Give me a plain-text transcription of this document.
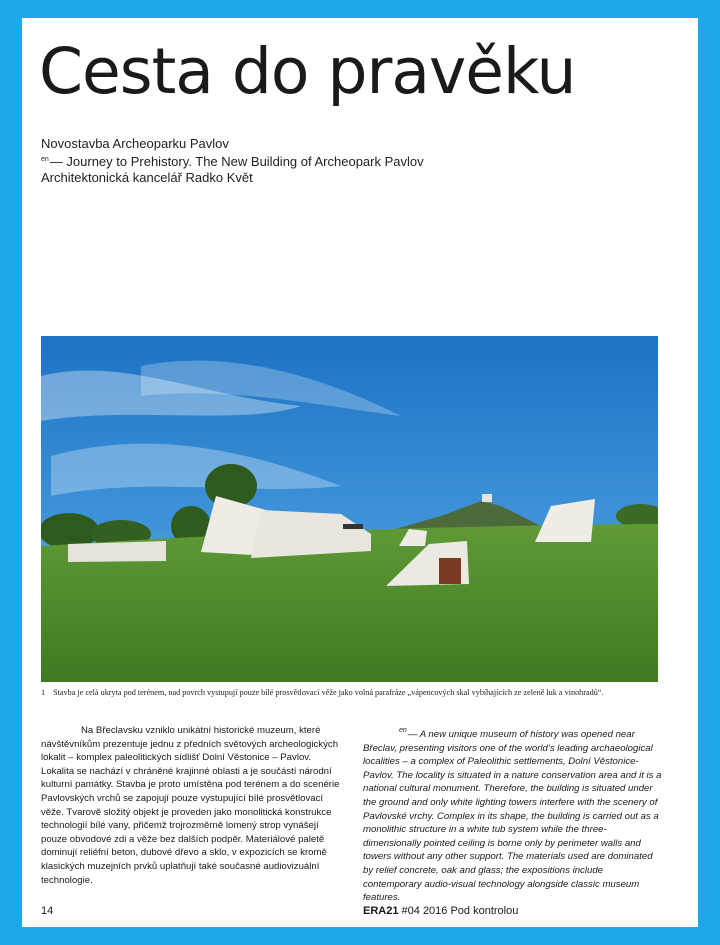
Cesta do pravěku
Novostavba Archeoparku Pavlov
$^{en}$— Journey to Prehistory. The New Building of Archeopark Pavlov
Architektonická kancelář Radko Květ
1 Stavba je celá ukryta pod terénem, nad povrch vystupují pouze bílé prosvětlovací věže jako volná parafráze „vápencových skal vybíhajících ze zeleně luk a vinohradů“.

Na Břeclavsku vzniklo unikátní historické muzeum, které návštěvníkům prezentuje jednu z předních světových archeologických lokalit – komplex paleolitických sídlišť Dolní Věstonice – Pavlov. Lokalita se nachází v chráněné krajinné oblasti a je součástí národní kulturní památky. Stavba je proto umístěna pod terénem a do scenérie Pavlovských vrchů se zapojují pouze vystupující bílé prosvětlovací věže. Tvarově složitý objekt je proveden jako monolitická konstrukce technologií bílé vany, přičemž trojrozměrně lomený strop vynášejí pouze obvodové zdi a věže bez dalších podpěr. Materiálové paletě dominují reliéfní beton, dubové dřevo a sklo, v expozicích se kromě klasických muzejních prvků uplatňují také současné audiovizuální technologie.

$^{en}$— A new unique museum of history was opened near Břeclav, presenting visitors one of the world’s leading archaeological localities – a complex of Paleolithic settlements, Dolní Věstonice-Pavlov. The locality is situated in a nature conservation area and it is a national cultural monument. Therefore, the building is situated under the ground and only white lighting towers interfere with the scenery of Pavlovské vrchy. Complex in its shape, the building is carried out as a monolithic structure in a white tub system while the three-dimensionally pointed ceiling is borne only by perimeter walls and towers without any other support. The materials used are dominated by relief concrete, oak and glass; the expositions include contemporary audio-visual technology alongside classic museum features.

14	ERA21 #04 2016 Pod kontrolou
